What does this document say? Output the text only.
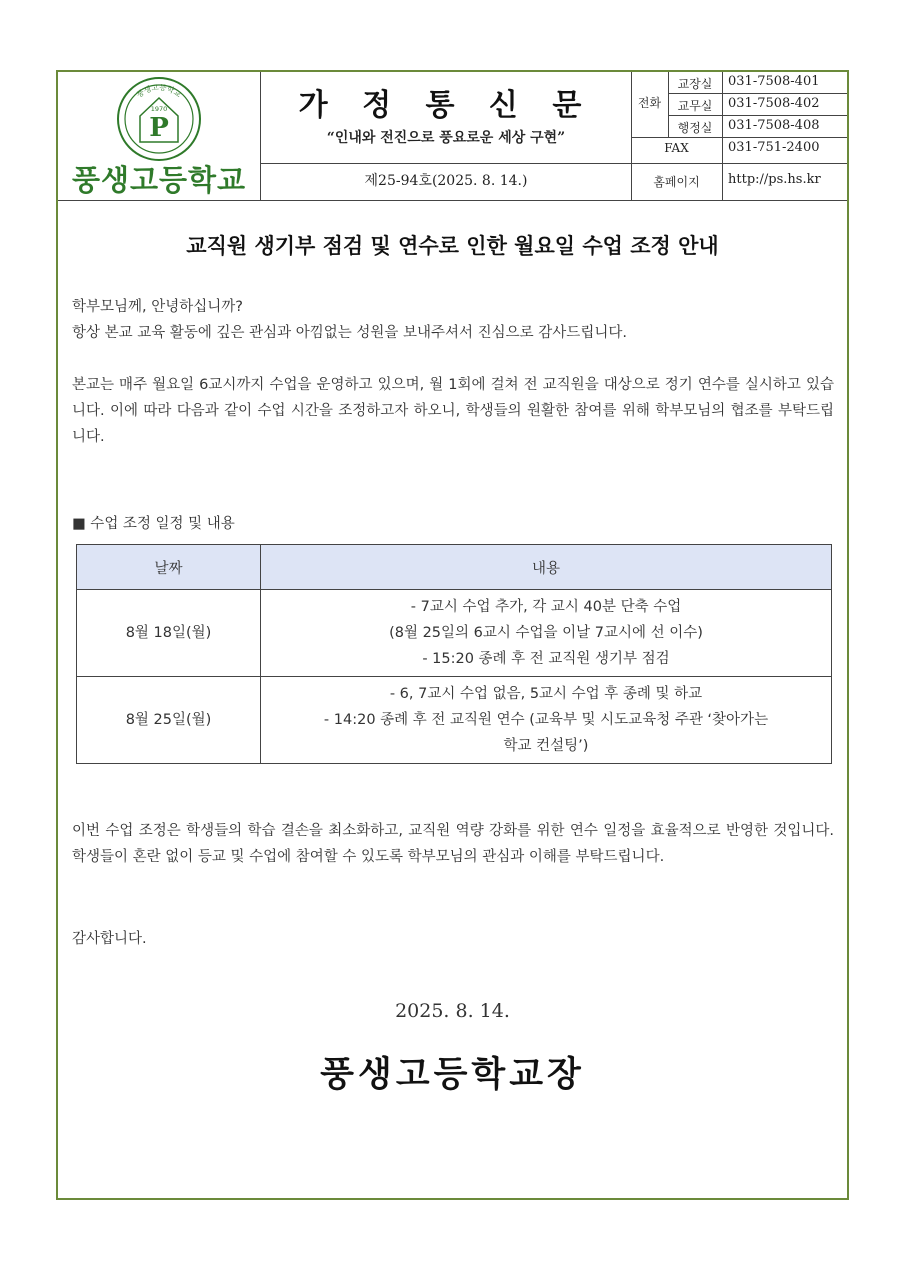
풍생고등학교
P
1970
풍생고등학교
가 정 통 신 문
“인내와 전진으로 풍요로운 세상 구현”
제25-94호(2025. 8. 14.)
전화
교장실	031-7508-401
교무실	031-7508-402
행정실	031-7508-408
FAX	031-751-2400
홈페이지	http://ps.hs.kr
교직원 생기부 점검 및 연수로 인한 월요일 수업 조정 안내
학부모님께, 안녕하십니까?
항상 본교 교육 활동에 깊은 관심과 아낌없는 성원을 보내주셔서 진심으로 감사드립니다.
본교는 매주 월요일 6교시까지 수업을 운영하고 있으며, 월 1회에 걸쳐 전 교직원을 대상으로 정기 연수를 실시하고 있습니다. 이에 따라 다음과 같이 수업 시간을 조정하고자 하오니, 학생들의 원활한 참여를 위해 학부모님의 협조를 부탁드립니다.
■ 수업 조정 일정 및 내용
날짜	내용
8월 18일(월)	- 7교시 수업 추가, 각 교시 40분 단축 수업
(8월 25일의 6교시 수업을 이날 7교시에 선 이수)
- 15:20 종례 후 전 교직원 생기부 점검

8월 25일(월)	- 6, 7교시 수업 없음, 5교시 수업 후 종례 및 하교
- 14:20 종례 후 전 교직원 연수 (교육부 및 시도교육청 주관 ‘찾아가는
학교 컨설팅’)
이번 수업 조정은 학생들의 학습 결손을 최소화하고, 교직원 역량 강화를 위한 연수 일정을 효율적으로 반영한 것입니다. 학생들이 혼란 없이 등교 및 수업에 참여할 수 있도록 학부모님의 관심과 이해를 부탁드립니다.
감사합니다.
2025. 8. 14.
풍생고등학교장
